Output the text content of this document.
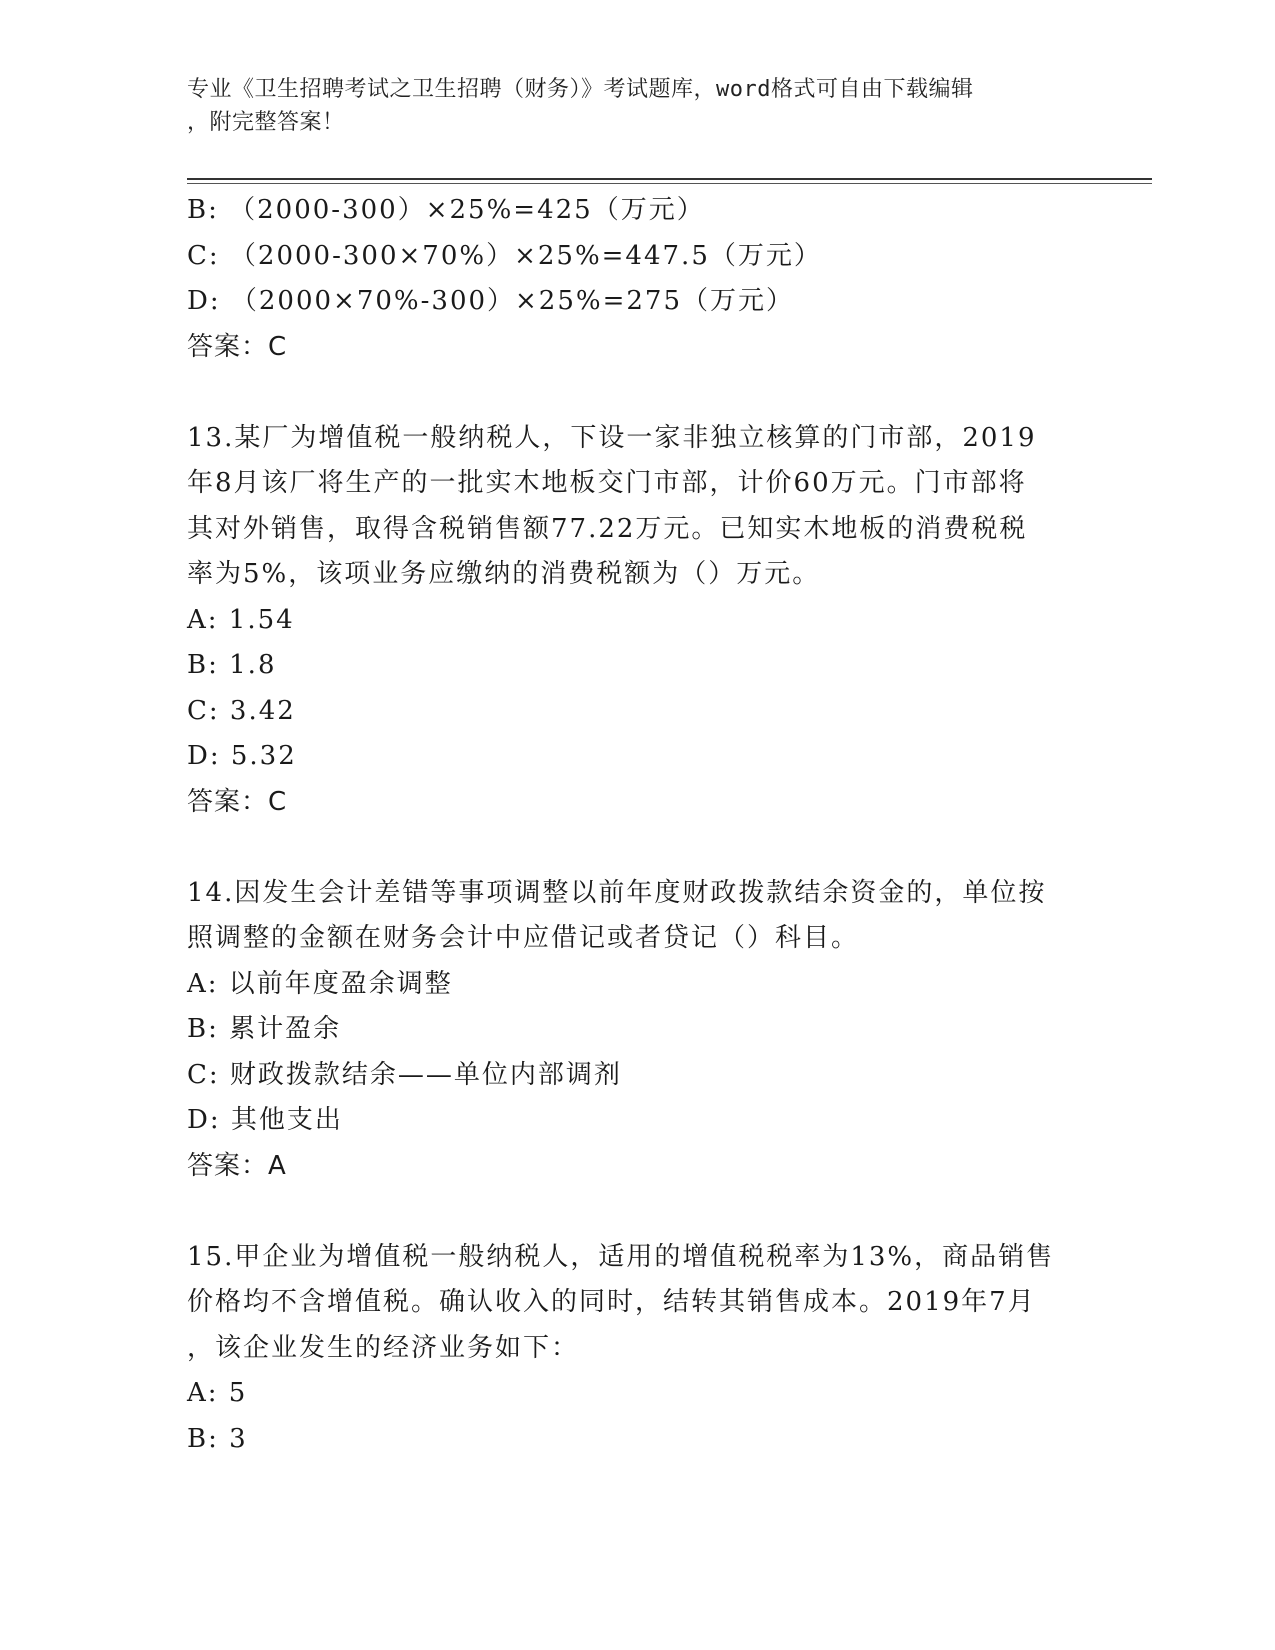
专业《卫生招聘考试之卫生招聘（财务）》考试题库，word格式可自由下载编辑
，附完整答案！
B: （2000-300）×25%=425（万元）
C: （2000-300×70%）×25%=447.5（万元）
D: （2000×70%-300）×25%=275（万元）
答案：C
13.某厂为增值税一般纳税人，下设一家非独立核算的门市部，2019
年8月该厂将生产的一批实木地板交门市部，计价60万元。门市部将
其对外销售，取得含税销售额77.22万元。已知实木地板的消费税税
率为5%，该项业务应缴纳的消费税额为（）万元。
A: 1.54
B: 1.8
C: 3.42
D: 5.32
答案：C
14.因发生会计差错等事项调整以前年度财政拨款结余资金的，单位按
照调整的金额在财务会计中应借记或者贷记（）科目。
A: 以前年度盈余调整
B: 累计盈余
C: 财政拨款结余——单位内部调剂
D: 其他支出
答案：A
15.甲企业为增值税一般纳税人，适用的增值税税率为13%，商品销售
价格均不含增值税。确认收入的同时，结转其销售成本。2019年7月
，该企业发生的经济业务如下：
A: 5
B: 3
